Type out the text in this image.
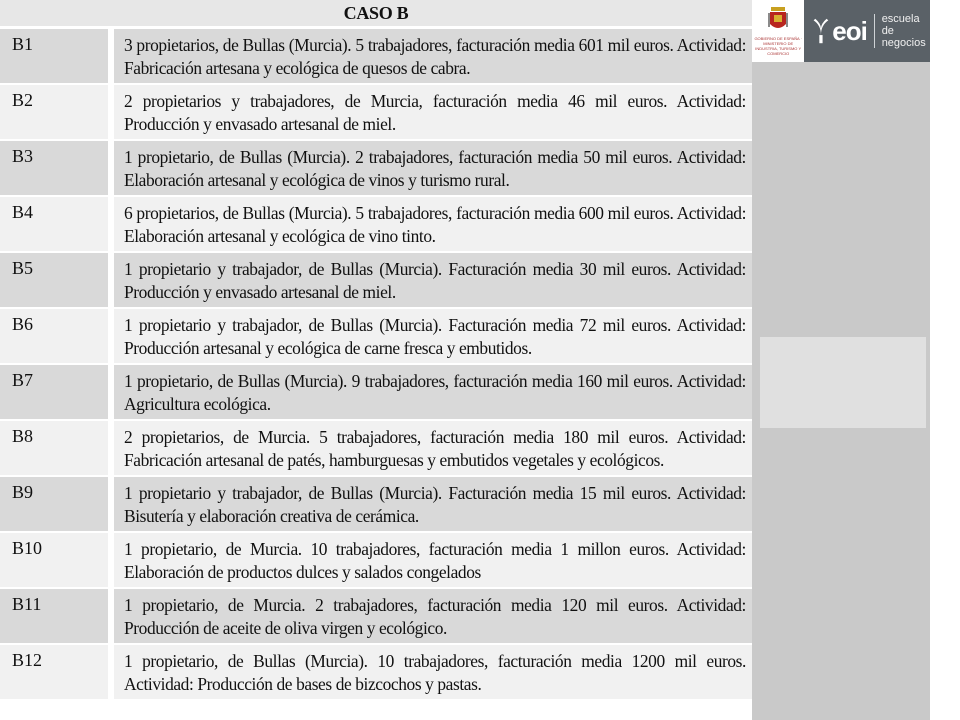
CASO B
B1	3 propietarios, de Bullas (Murcia). 5 trabajadores, facturación media 601 mil euros. Actividad: Fabricación artesana y ecológica de quesos de cabra.
B2	2 propietarios y trabajadores, de Murcia, facturación media 46 mil euros. Actividad: Producción y envasado artesanal de miel.
B3	1 propietario, de Bullas (Murcia). 2 trabajadores, facturación media 50 mil euros. Actividad: Elaboración artesanal y ecológica de vinos y turismo rural.
B4	6 propietarios, de Bullas (Murcia). 5 trabajadores, facturación media 600 mil euros. Actividad: Elaboración artesanal y ecológica de vino tinto.
B5	1 propietario y trabajador, de Bullas (Murcia). Facturación media 30 mil euros. Actividad: Producción y envasado artesanal de miel.
B6	1 propietario y trabajador, de Bullas (Murcia). Facturación media 72 mil euros. Actividad: Producción artesanal y ecológica de carne fresca y embutidos.
B7	1 propietario, de Bullas (Murcia). 9 trabajadores, facturación media 160 mil euros. Actividad: Agricultura ecológica.
B8	2 propietarios, de Murcia. 5 trabajadores, facturación media 180 mil euros. Actividad: Fabricación artesanal de patés, hamburguesas y embutidos vegetales y ecológicos.
B9	1 propietario y trabajador, de Bullas (Murcia). Facturación media 15 mil euros. Actividad: Bisutería y elaboración creativa de cerámica.
B10	1 propietario, de Murcia. 10 trabajadores, facturación media 1 millon euros. Actividad: Elaboración de productos dulces y salados congelados
B11	1 propietario, de Murcia. 2 trabajadores, facturación media 120 mil euros. Actividad: Producción de aceite de oliva virgen y ecológico.
B12	1 propietario, de Bullas (Murcia). 10 trabajadores, facturación media 1200 mil euros. Actividad: Producción de bases de bizcochos y pastas.
GOBIERNO DE ESPAÑA · MINISTERIO DE INDUSTRIA, TURISMO Y COMERCIO
eoi escuela
de negocios
